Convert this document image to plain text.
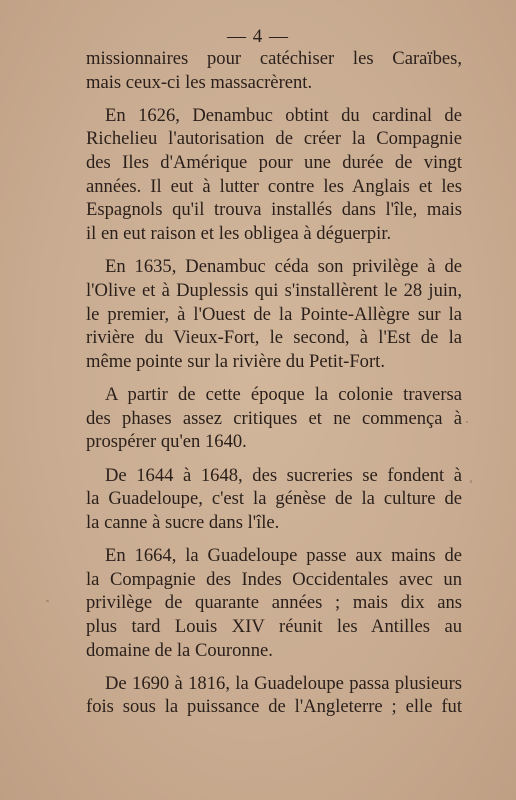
— 4 —
missionnaires pour catéchiser les Caraïbes,
mais ceux-ci les massacrèrent.
En 1626, Denambuc obtint du cardinal de
Richelieu l'autorisation de créer la Compagnie
des Iles d'Amérique pour une durée de vingt
années. Il eut à lutter contre les Anglais et les
Espagnols qu'il trouva installés dans l'île, mais
il en eut raison et les obligea à déguerpir.
En 1635, Denambuc céda son privilège à de
l'Olive et à Duplessis qui s'installèrent le 28 juin,
le premier, à l'Ouest de la Pointe-Allègre sur la
rivière du Vieux-Fort, le second, à l'Est de la
même pointe sur la rivière du Petit-Fort.
A partir de cette époque la colonie traversa
des phases assez critiques et ne commença à
prospérer qu'en 1640.
De 1644 à 1648, des sucreries se fondent à
la Guadeloupe, c'est la génèse de la culture de
la canne à sucre dans l'île.
En 1664, la Guadeloupe passe aux mains de
la Compagnie des Indes Occidentales avec un
privilège de quarante années ; mais dix ans
plus tard Louis XIV réunit les Antilles au
domaine de la Couronne.
De 1690 à 1816, la Guadeloupe passa plusieurs
fois sous la puissance de l'Angleterre ; elle fut
